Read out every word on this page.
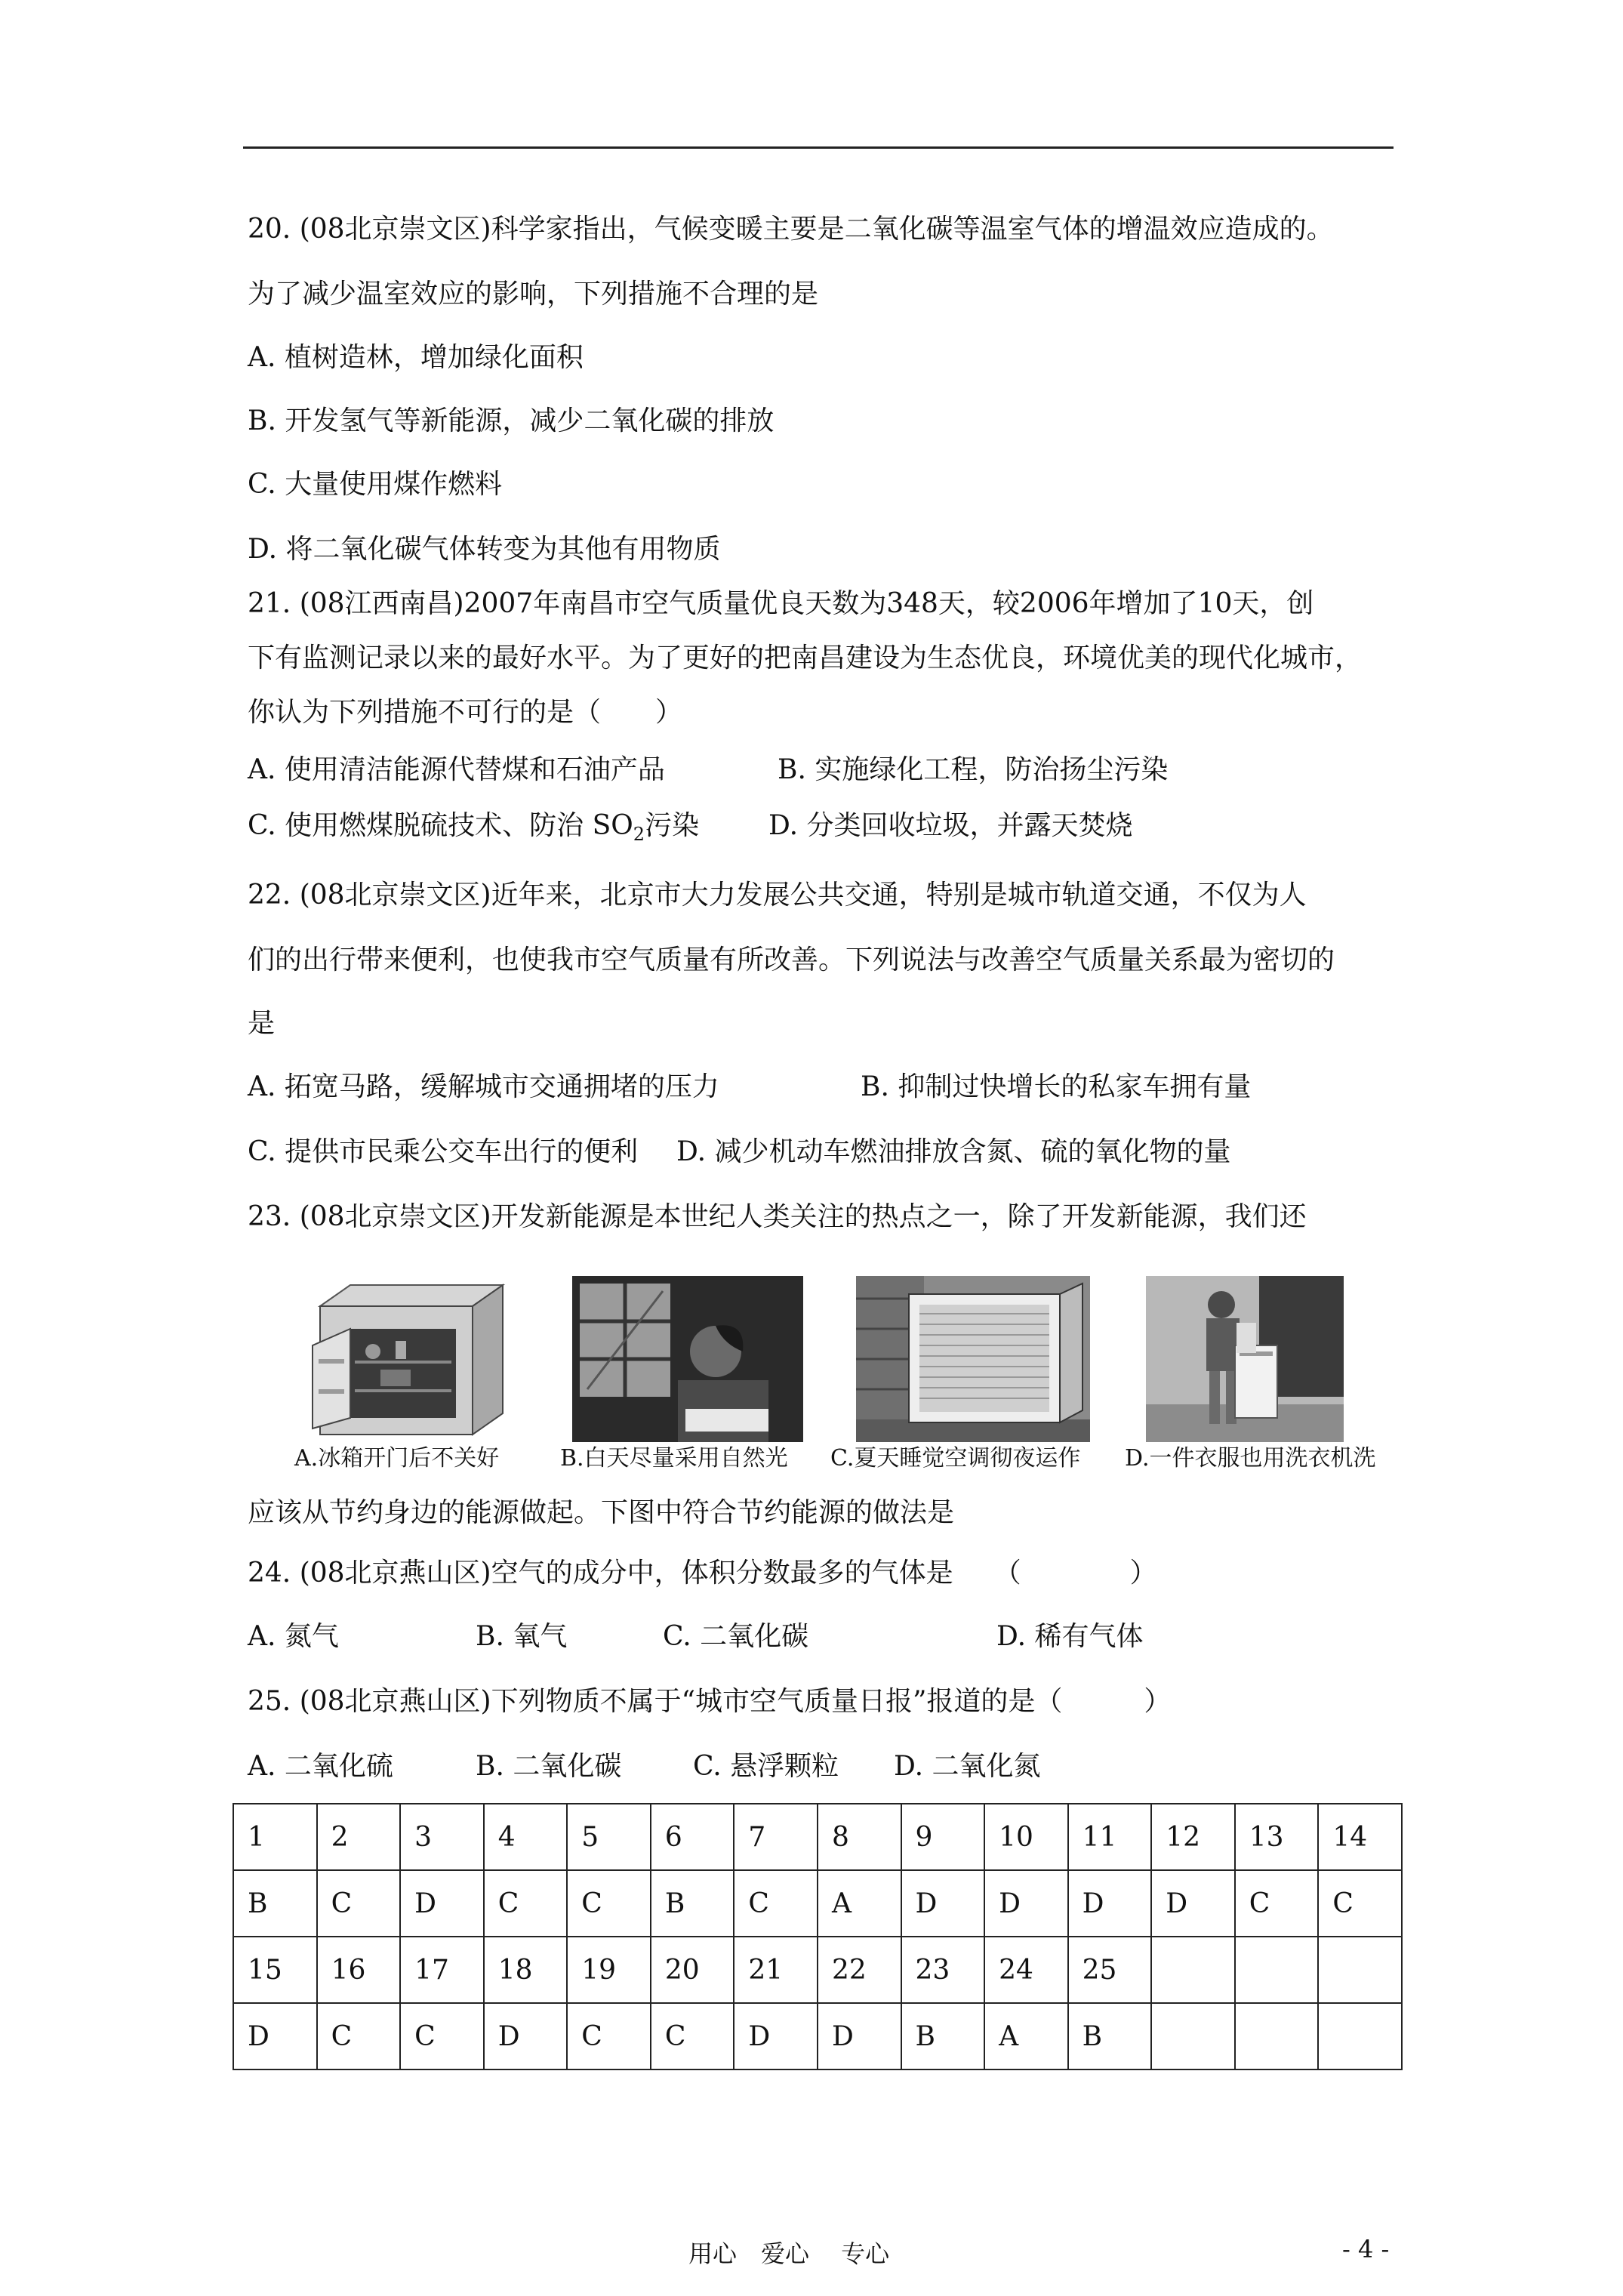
20. (08北京崇文区)科学家指出，气候变暖主要是二氧化碳等温室气体的增温效应造成的。
为了减少温室效应的影响，下列措施不合理的是
A. 植树造林，增加绿化面积
B. 开发氢气等新能源，减少二氧化碳的排放
C. 大量使用煤作燃料
D. 将二氧化碳气体转变为其他有用物质
21. (08江西南昌)2007年南昌市空气质量优良天数为348天，较2006年增加了10天，创
下有监测记录以来的最好水平。为了更好的把南昌建设为生态优良，环境优美的现代化城市，
你认为下列措施不可行的是（　　）
A. 使用清洁能源代替煤和石油产品	B. 实施绿化工程，防治扬尘污染
C. 使用燃煤脱硫技术、防治 $SO_2$污染	D. 分类回收垃圾，并露天焚烧
22. (08北京崇文区)近年来，北京市大力发展公共交通，特别是城市轨道交通，不仅为人
们的出行带来便利，也使我市空气质量有所改善。下列说法与改善空气质量关系最为密切的
是
A. 拓宽马路，缓解城市交通拥堵的压力	B. 抑制过快增长的私家车拥有量
C. 提供市民乘公交车出行的便利 D. 减少机动车燃油排放含氮、硫的氧化物的量
23. (08北京崇文区)开发新能源是本世纪人类关注的热点之一，除了开发新能源，我们还
A.冰箱开门后不关好	B.白天尽量采用自然光 C.夏天睡觉空调彻夜运作 D.一件衣服也用洗衣机洗
应该从节约身边的能源做起。下图中符合节约能源的做法是
24. (08北京燕山区)空气的成分中，体积分数最多的气体是　　（　　　　）
A. 氮气	B. 氧气	C. 二氧化碳	D. 稀有气体
25. (08北京燕山区)下列物质不属于“城市空气质量日报”报道的是（　　　）
A. 二氧化硫	B. 二氧化碳	C. 悬浮颗粒 D. 二氧化氮
1	2	3	4	5	6	7	8	9	10	11	12	13	14
B	C	D	C	C	B	C	A	D	D	D	D	C	C
15	16	17	18	19	20	21	22	23	24	25			
D	C	C	D	C	C	D	D	B	A	B			
用心　爱心　 专心	- 4 -
